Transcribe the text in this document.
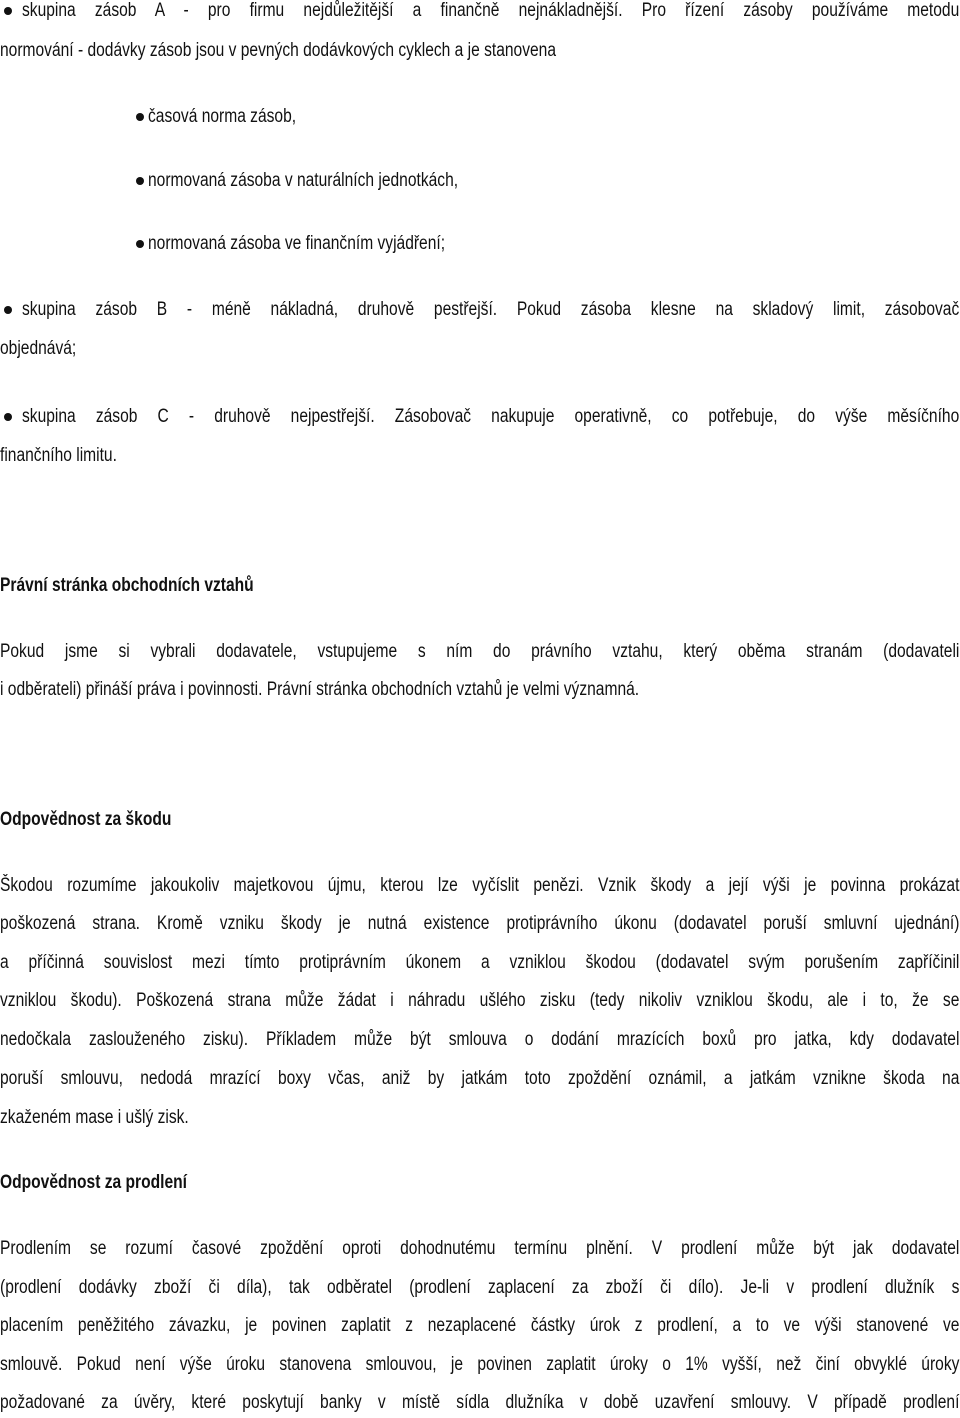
skupina zásob A - pro firmu nejdůležitější a finančně nejnákladnější. Pro řízení zásoby používáme metodu
normování - dodávky zásob jsou v pevných dodávkových cyklech a je stanovena
časová norma zásob,
normovaná zásoba v naturálních jednotkách,
normovaná zásoba ve finančním vyjádření;
skupina zásob B - méně nákladná, druhově pestřejší. Pokud zásoba klesne na skladový limit, zásobovač
objednává;
skupina zásob C - druhově nejpestřejší. Zásobovač nakupuje operativně, co potřebuje, do výše měsíčního
finančního limitu.
Právní stránka obchodních vztahů
Pokud jsme si vybrali dodavatele, vstupujeme s ním do právního vztahu, který oběma stranám (dodavateli
i odběrateli) přináší práva i povinnosti. Právní stránka obchodních vztahů je velmi významná.
Odpovědnost za škodu
Škodou rozumíme jakoukoliv majetkovou újmu, kterou lze vyčíslit penězi. Vznik škody a její výši je povinna prokázat
poškozená strana. Kromě vzniku škody je nutná existence protiprávního úkonu (dodavatel poruší smluvní ujednání)
a příčinná souvislost mezi tímto protiprávním úkonem a vzniklou škodou (dodavatel svým porušením zapříčinil
vzniklou škodu). Poškozená strana může žádat i náhradu ušlého zisku (tedy nikoliv vzniklou škodu, ale i to, že se
nedočkala zaslouženého zisku). Příkladem může být smlouva o dodání mrazících boxů pro jatka, kdy dodavatel
poruší smlouvu, nedodá mrazící boxy včas, aniž by jatkám toto zpoždění oznámil, a jatkám vznikne škoda na
zkaženém mase i ušlý zisk.
Odpovědnost za prodlení
Prodlením se rozumí časové zpoždění oproti dohodnutému termínu plnění. V prodlení může být jak dodavatel
(prodlení dodávky zboží či díla), tak odběratel (prodlení zaplacení za zboží či dílo). Je-li v prodlení dlužník s
placením peněžitého závazku, je povinen zaplatit z nezaplacené částky úrok z prodlení, a to ve výši stanovené ve
smlouvě. Pokud není výše úroku stanovena smlouvou, je povinen zaplatit úroky o 1% vyšší, než činí obvyklé úroky
požadované za úvěry, které poskytují banky v místě sídla dlužníka v době uzavření smlouvy. V případě prodlení
